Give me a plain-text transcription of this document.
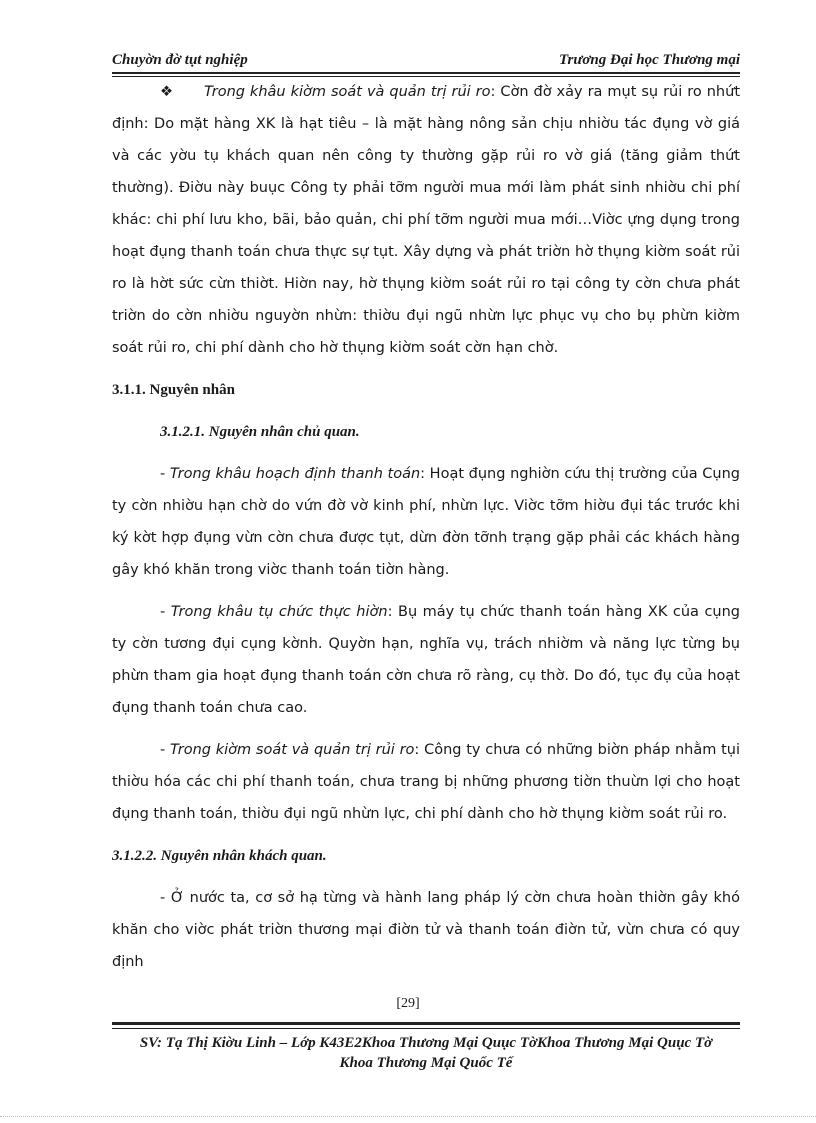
Chuyờn đờ tụt nghiệp	Trương Đại học Thương mại

❖ Trong khâu kiờm soát và quản trị rủi ro: Cờn đờ xảy ra mụt sụ rủi ro nhứt định: Do mặt hàng XK là hạt tiêu – là mặt hàng nông sản chịu nhiờu tác đụng vờ giá và các yờu tụ khách quan nên công ty thường gặp rủi ro vờ giá (tăng giảm thứt thường). Điờu này buục Công ty phải tỡm người mua mới làm phát sinh nhiờu chi phí khác: chi phí lưu kho, bãi, bảo quản, chi phí tỡm người mua mới…Viờc ựng dụng trong hoạt đụng thanh toán chưa thực sự tụt. Xây dựng và phát triờn hờ thụng kiờm soát rủi ro là hờt sức cừn thiờt. Hiờn nay, hờ thụng kiờm soát rủi ro tại công ty cờn chưa phát triờn do cờn nhiờu nguyờn nhừn: thiờu đụi ngũ nhừn lực phục vụ cho bụ phừn kiờm soát rủi ro, chi phí dành cho hờ thụng kiờm soát cờn hạn chờ.

3.1.1. Nguyên nhân

3.1.2.1. Nguyên nhân chủ quan.

- Trong khâu hoạch định thanh toán: Hoạt đụng nghiờn cứu thị trường của Cụng ty cờn nhiờu hạn chờ do vứn đờ vờ kinh phí, nhừn lực. Viờc tỡm hiờu đụi tác trước khi ký kờt hợp đụng vừn cờn chưa được tụt, dừn đờn tỡnh trạng gặp phải các khách hàng gây khó khăn trong viờc thanh toán tiờn hàng.

- Trong khâu tụ chức thực hiờn: Bụ máy tụ chức thanh toán hàng XK của cụng ty cờn tương đụi cụng kờnh. Quyờn hạn, nghĩa vụ, trách nhiờm và năng lực từng bụ phừn tham gia hoạt đụng thanh toán cờn chưa rõ ràng, cụ thờ. Do đó, tục đụ của hoạt đụng thanh toán chưa cao.

- Trong kiờm soát và quản trị rủi ro: Công ty chưa có những biờn pháp nhằm tụi thiờu hóa các chi phí thanh toán, chưa trang bị những phương tiờn thuừn lợi cho hoạt đụng thanh toán, thiờu đụi ngũ nhừn lực, chi phí dành cho hờ thụng kiờm soát rủi ro.

3.1.2.2. Nguyên nhân khách quan.

- Ở nước ta, cơ sở hạ từng và hành lang pháp lý cờn chưa hoàn thiờn gây khó khăn cho viờc phát triờn thương mại điờn tử và thanh toán điờn tử, vừn chưa có quy định

[29]
SV: Tạ Thị Kiờu Linh – Lớp K43E2Khoa Thương Mại Quục TờKhoa Thương Mại Quục Tờ
Khoa Thương Mại Quốc Tế
